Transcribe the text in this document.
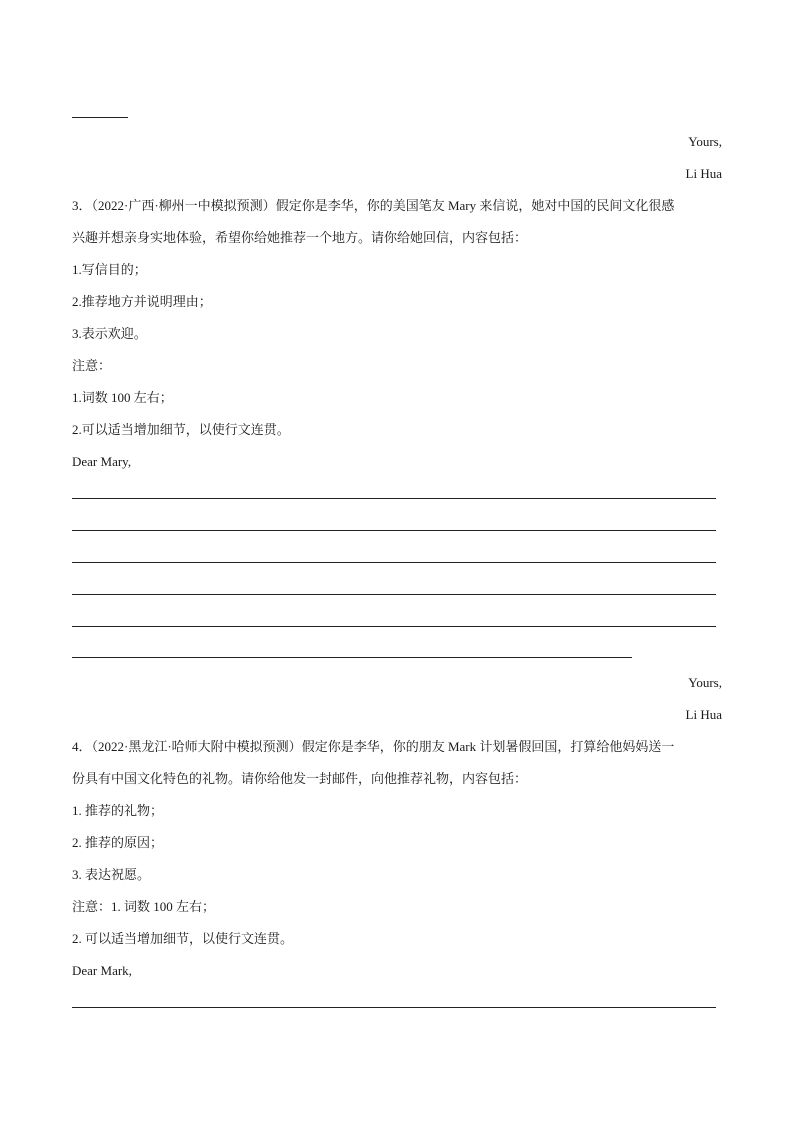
Yours,
Li Hua
3．（2022·广西·柳州一中模拟预测）假定你是李华，你的美国笔友 Mary 来信说，她对中国的民间文化很感
兴趣并想亲身实地体验，希望你给她推荐一个地方。请你给她回信，内容包括：
1.写信目的；
2.推荐地方并说明理由；
3.表示欢迎。
注意：
1.词数 100 左右；
2.可以适当增加细节，以使行文连贯。
Dear Mary,
Yours,
Li Hua
4．（2022·黑龙江·哈师大附中模拟预测）假定你是李华，你的朋友 Mark 计划暑假回国，打算给他妈妈送一
份具有中国文化特色的礼物。请你给他发一封邮件，向他推荐礼物，内容包括：
1. 推荐的礼物；
2. 推荐的原因；
3. 表达祝愿。
注意：1. 词数 100 左右；
2. 可以适当增加细节，以使行文连贯。
Dear Mark,
